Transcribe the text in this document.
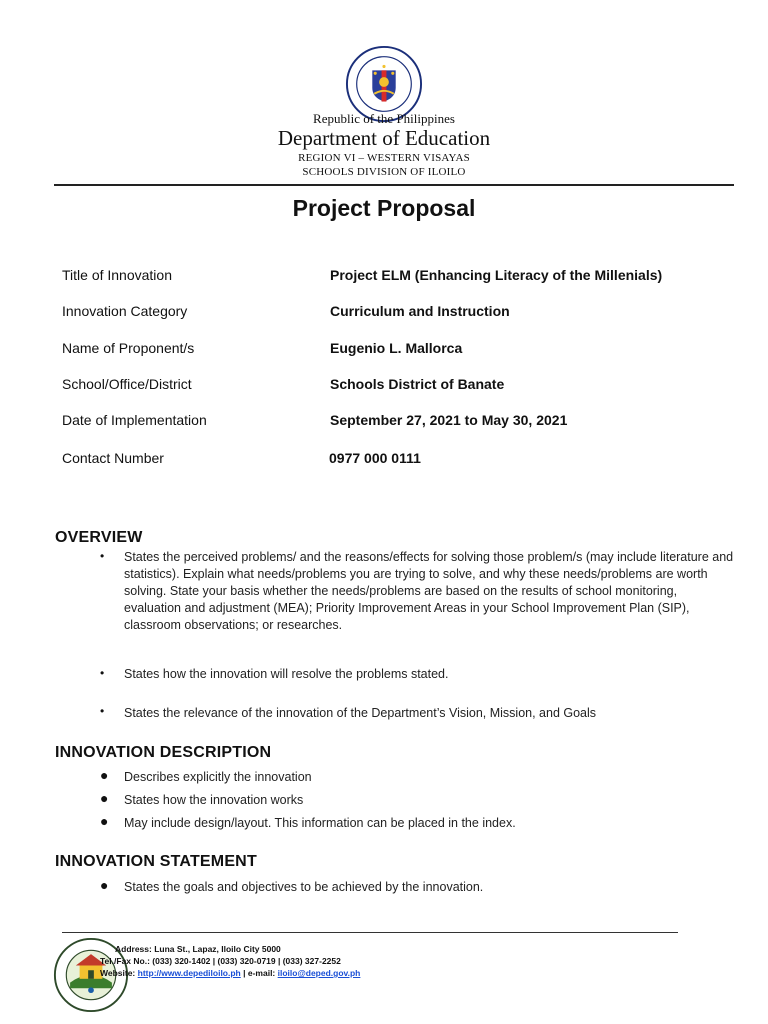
Republic of the Philippines
Department of Education
REGION VI – WESTERN VISAYAS
SCHOOLS DIVISION OF ILOILO
Project Proposal
Title of Innovation	Project ELM (Enhancing Literacy of the Millenials)
Innovation Category	Curriculum and Instruction
Name of Proponent/s	Eugenio L. Mallorca
School/Office/District	Schools District of Banate
Date of Implementation	September 27, 2021 to May 30, 2021
Contact Number	0977 000 0111
OVERVIEW
• States the perceived problems/ and the reasons/effects for solving those problem/s (may include literature and statistics). Explain what needs/problems you are trying to solve, and why these needs/problems are worth solving. State your basis whether the needs/problems are based on the results of school monitoring, evaluation and adjustment (MEA); Priority Improvement Areas in your School Improvement Plan (SIP), classroom observations; or researches.
• States how the innovation will resolve the problems stated.
• States the relevance of the innovation of the Department’s Vision, Mission, and Goals
INNOVATION DESCRIPTION
● Describes explicitly the innovation
● States how the innovation works
● May include design/layout. This information can be placed in the index.
INNOVATION STATEMENT
● States the goals and objectives to be achieved by the innovation.
Address: Luna St., Lapaz, Iloilo City 5000
Tel./Fax No.: (033) 320-1402 | (033) 320-0719 | (033) 327-2252
Website: http://www.depediloilo.ph | e-mail: iloilo@deped.gov.ph
